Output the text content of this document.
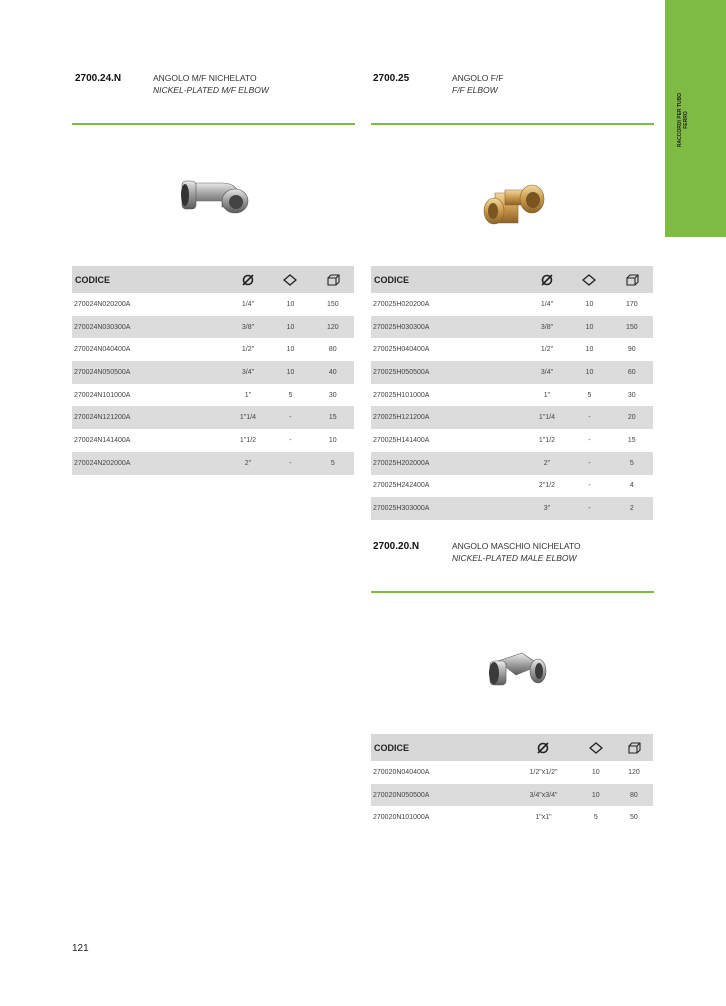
RACCORDI PER TUBO FERRO
2700.24.N	ANGOLO M/F NICHELATO
NICKEL-PLATED M/F ELBOW
CODICE			
270024N020200A	1/4"	10	150
270024N030300A	3/8"	10	120
270024N040400A	1/2"	10	80
270024N050500A	3/4"	10	40
270024N101000A	1"	5	30
270024N121200A	1"1/4	-	15
270024N141400A	1"1/2	-	10
270024N202000A	2"	-	5
2700.25	ANGOLO F/F
F/F ELBOW
CODICE			
270025H020200A	1/4"	10	170
270025H030300A	3/8"	10	150
270025H040400A	1/2"	10	90
270025H050500A	3/4"	10	60
270025H101000A	1"	5	30
270025H121200A	1"1/4	-	20
270025H141400A	1"1/2	-	15
270025H202000A	2"	-	5
270025H242400A	2"1/2	-	4
270025H303000A	3"	-	2
2700.20.N	ANGOLO MASCHIO NICHELATO
NICKEL-PLATED MALE ELBOW
CODICE			
270020N040400A	1/2"x1/2"	10	120
270020N050500A	3/4"x3/4"	10	80
270020N101000A	1"x1"	5	50
121
